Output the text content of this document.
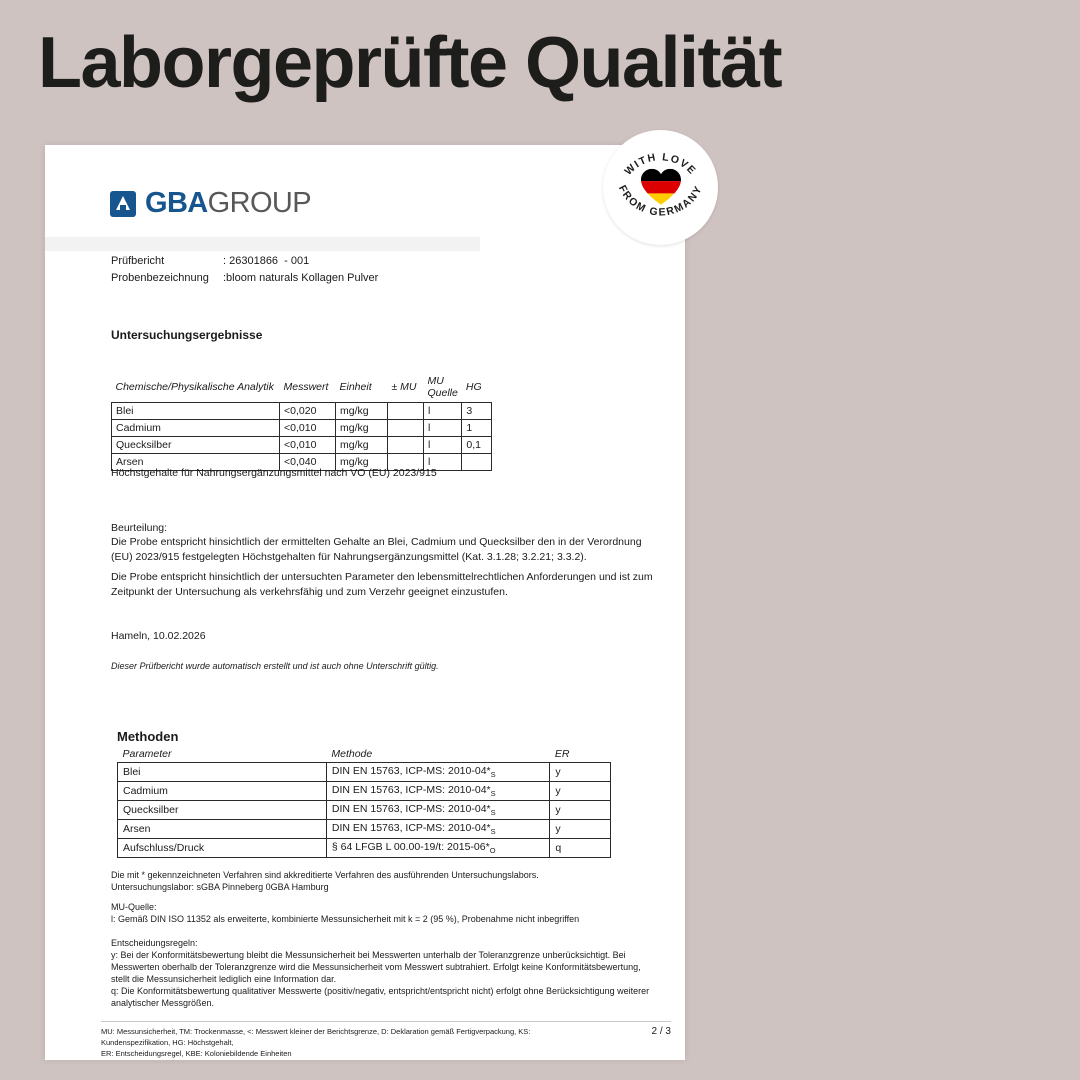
Laborgeprüfte Qualität
GBAGROUP
Prüfbericht	: 26301866  - 001
Probenbezeichnung	:bloom naturals Kollagen Pulver
Untersuchungsergebnisse
Chemische/Physikalische Analytik	Messwert	Einheit	± MU	MU Quelle	HG
Blei	<0,020	mg/kg		l	3
Cadmium	<0,010	mg/kg		l	1
Quecksilber	<0,010	mg/kg		l	0,1
Arsen	<0,040	mg/kg		l	
Höchstgehalte für Nahrungsergänzungsmittel nach VO (EU) 2023/915
Beurteilung:
Die Probe entspricht hinsichtlich der ermittelten Gehalte an Blei, Cadmium und Quecksilber den in der Verordnung (EU) 2023/915 festgelegten Höchstgehalten für Nahrungsergänzungsmittel (Kat. 3.1.28; 3.2.21; 3.3.2).
Die Probe entspricht hinsichtlich der untersuchten Parameter den lebensmittelrechtlichen Anforderungen und ist zum Zeitpunkt der Untersuchung als verkehrsfähig und zum Verzehr geeignet einzustufen.
Hameln, 10.02.2026
Dieser Prüfbericht wurde automatisch erstellt und ist auch ohne Unterschrift gültig.
Methoden
Parameter	Methode	ER
Blei	DIN EN 15763, ICP-MS: $2010-04*_S$	y
Cadmium	DIN EN 15763, ICP-MS: $2010-04*_S$	y
Quecksilber	DIN EN 15763, ICP-MS: $2010-04*_S$	y
Arsen	DIN EN 15763, ICP-MS: $2010-04*_S$	y
Aufschluss/Druck	§ 64 LFGB L 00.00-19/t: $2015-06*_O$	q
Die mit * gekennzeichneten Verfahren sind akkreditierte Verfahren des ausführenden Untersuchungslabors.
Untersuchungslabor: sGBA Pinneberg 0GBA Hamburg
MU-Quelle:
l: Gemäß DIN ISO 11352 als erweiterte, kombinierte Messunsicherheit mit k = 2 (95 %), Probenahme nicht inbegriffen
Entscheidungsregeln:
y: Bei der Konformitätsbewertung bleibt die Messunsicherheit bei Messwerten unterhalb der Toleranzgrenze unberücksichtigt. Bei Messwerten oberhalb der Toleranzgrenze wird die Messunsicherheit vom Messwert subtrahiert. Erfolgt keine Konformitätsbewertung, stellt die Messunsicherheit lediglich eine Information dar.
q: Die Konformitätsbewertung qualitativer Messwerte (positiv/negativ, entspricht/entspricht nicht) erfolgt ohne Berücksichtigung weiterer analytischer Messgrößen.
MU: Messunsicherheit, TM: Trockenmasse, <: Messwert kleiner der Berichtsgrenze, D: Deklaration gemäß Fertigverpackung, KS: Kundenspezifikation, HG: Höchstgehalt,
ER: Entscheidungsregel, KBE: Koloniebildende Einheiten
2 / 3
WITH LOVE
FROM GERMANY
